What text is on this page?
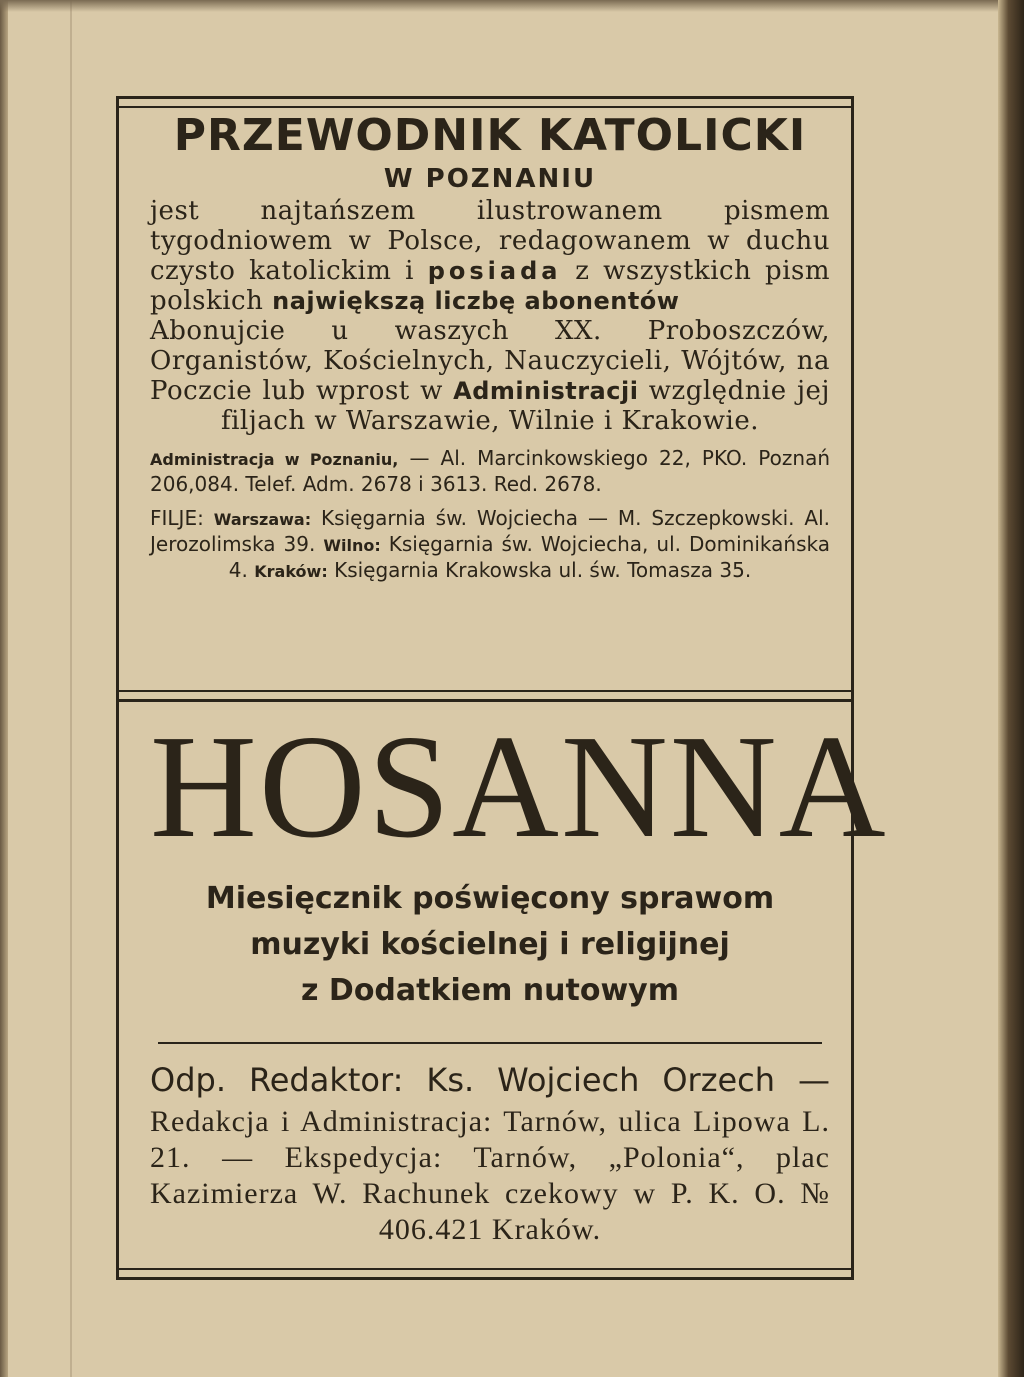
PRZEWODNIK KATOLICKI
W POZNANIU

jest najtańszem ilustrowanem pismem tygodniowem w Polsce, redagowanem w duchu czysto katolickim i posiada z wszystkich pism polskich największą liczbę abonentów

Abonujcie u waszych XX. Proboszczów, Organistów, Kościelnych, Nauczycieli, Wójtów, na Poczcie lub wprost w Administracji względnie jej filjach w Warszawie, Wilnie i Krakowie.

Administracja w Poznaniu, — Al. Marcinkowskiego 22, PKO. Poznań 206,084. Telef. Adm. 2678 i 3613. Red. 2678.

FILJE: Warszawa: Księgarnia św. Wojciecha — M. Szczepkowski. Al. Jerozolimska 39. Wilno: Księgarnia św. Wojciecha, ul. Dominikańska 4. Kraków: Księgarnia Krakowska ul. św. Tomasza 35.

HOSANNA

Miesięcznik poświęcony sprawom
muzyki kościelnej i religijnej
z Dodatkiem nutowym

Odp. Redaktor: Ks. Wojciech Orzech —

Redakcja i Administracja: Tarnów, ulica Lipowa L. 21. — Ekspedycja: Tarnów, „Polonia“, plac Kazimierza W. Rachunek czekowy w P. K. O. № 406.421 Kraków.
